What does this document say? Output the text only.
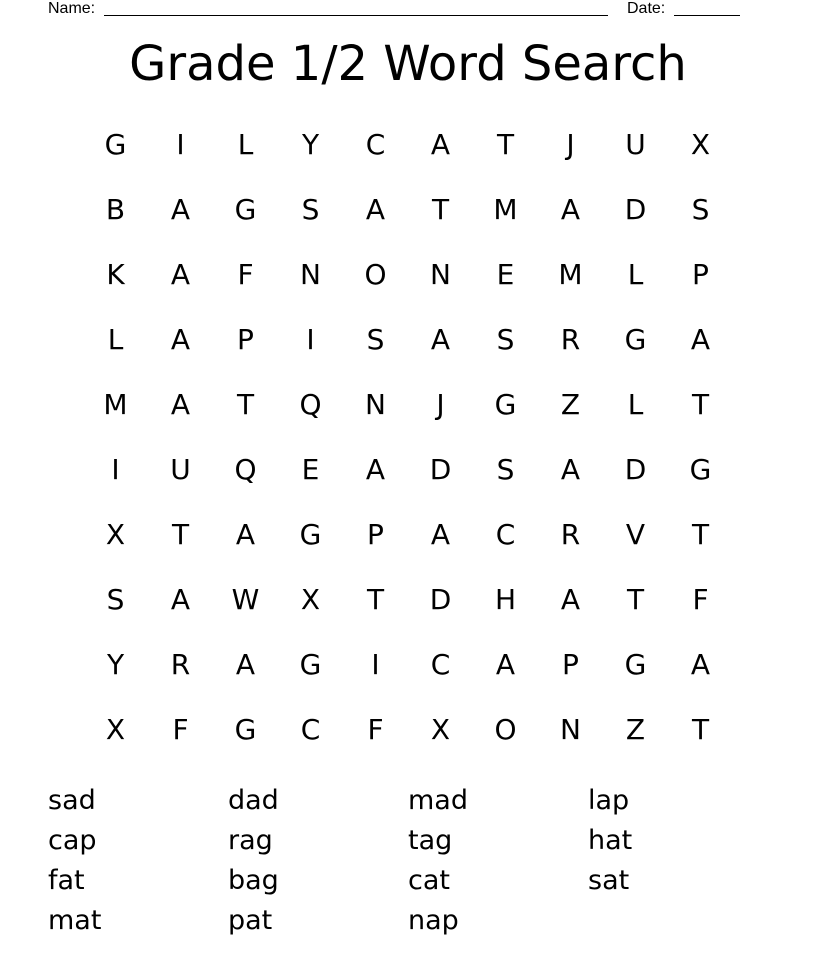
Name:	Date:
Grade 1/2 Word Search
G	I	L	Y	C	A	T	J	U	X
B	A	G	S	A	T	M	A	D	S
K	A	F	N	O	N	E	M	L	P
L	A	P	I	S	A	S	R	G	A
M	A	T	Q	N	J	G	Z	L	T
I	U	Q	E	A	D	S	A	D	G
X	T	A	G	P	A	C	R	V	T
S	A	W	X	T	D	H	A	T	F
Y	R	A	G	I	C	A	P	G	A
X	F	G	C	F	X	O	N	Z	T
sad	dad	mad	lap
cap	rag	tag	hat
fat	bag	cat	sat
mat	pat	nap
